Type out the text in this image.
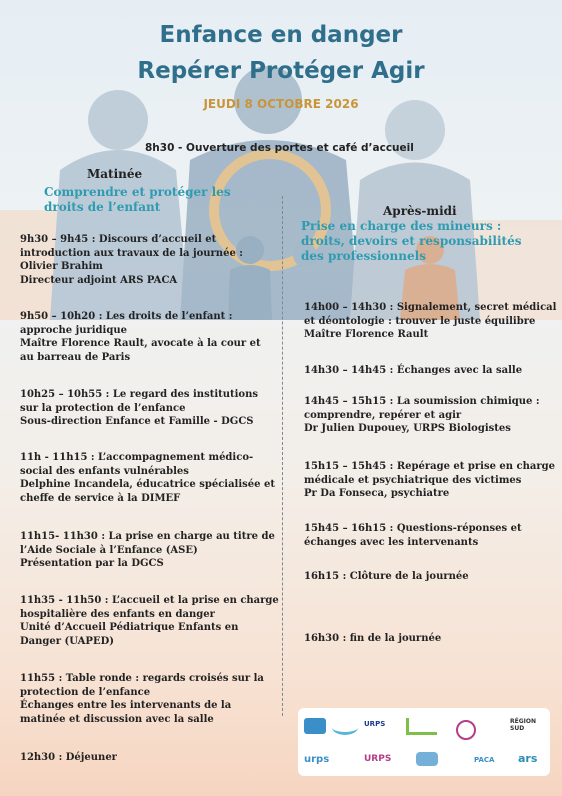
Enfance en danger
Repérer Protéger Agir
JEUDI 8 OCTOBRE 2026
8h30 - Ouverture des portes et café d’accueil
Matinée
Comprendre et protéger les
droits de l’enfant	Après-midi
Prise en charge des mineurs :
droits, devoirs et responsabilités
des professionnels
9h30 – 9h45 : Discours d’accueil et
introduction aux travaux de la journée :
Olivier Brahim
Directeur adjoint ARS PACA
9h50 – 10h20 : Les droits de l’enfant :
approche juridique
Maître Florence Rault, avocate à la cour et
au barreau de Paris
10h25 – 10h55 : Le regard des institutions
sur la protection de l’enfance
Sous-direction Enfance et Famille - DGCS
11h - 11h15 : L’accompagnement médico-
social des enfants vulnérables
Delphine Incandela, éducatrice spécialisée et
cheffe de service à la DIMEF
11h15- 11h30 : La prise en charge au titre de
l’Aide Sociale à l’Enfance (ASE)
Présentation par la DGCS
11h35 - 11h50 : L’accueil et la prise en charge
hospitalière des enfants en danger
Unité d’Accueil Pédiatrique Enfants en
Danger (UAPED)
11h55 : Table ronde : regards croisés sur la
protection de l’enfance
Échanges entre les intervenants de la
matinée et discussion avec la salle
12h30 : Déjeuner
14h00 – 14h30 : Signalement, secret médical
et déontologie : trouver le juste équilibre
Maître Florence Rault
14h30 – 14h45 : Échanges avec la salle
14h45 – 15h15 : La soumission chimique :
comprendre, repérer et agir
Dr Julien Dupouey, URPS Biologistes
15h15 – 15h45 : Repérage et prise en charge
médicale et psychiatrique des victimes
Pr Da Fonseca, psychiatre
15h45 – 16h15 : Questions-réponses et
échanges avec les intervenants
16h15 : Clôture de la journée
16h30 : fin de la journée
URPS	RÉGION SUD
urps	URPS	PACA ars
